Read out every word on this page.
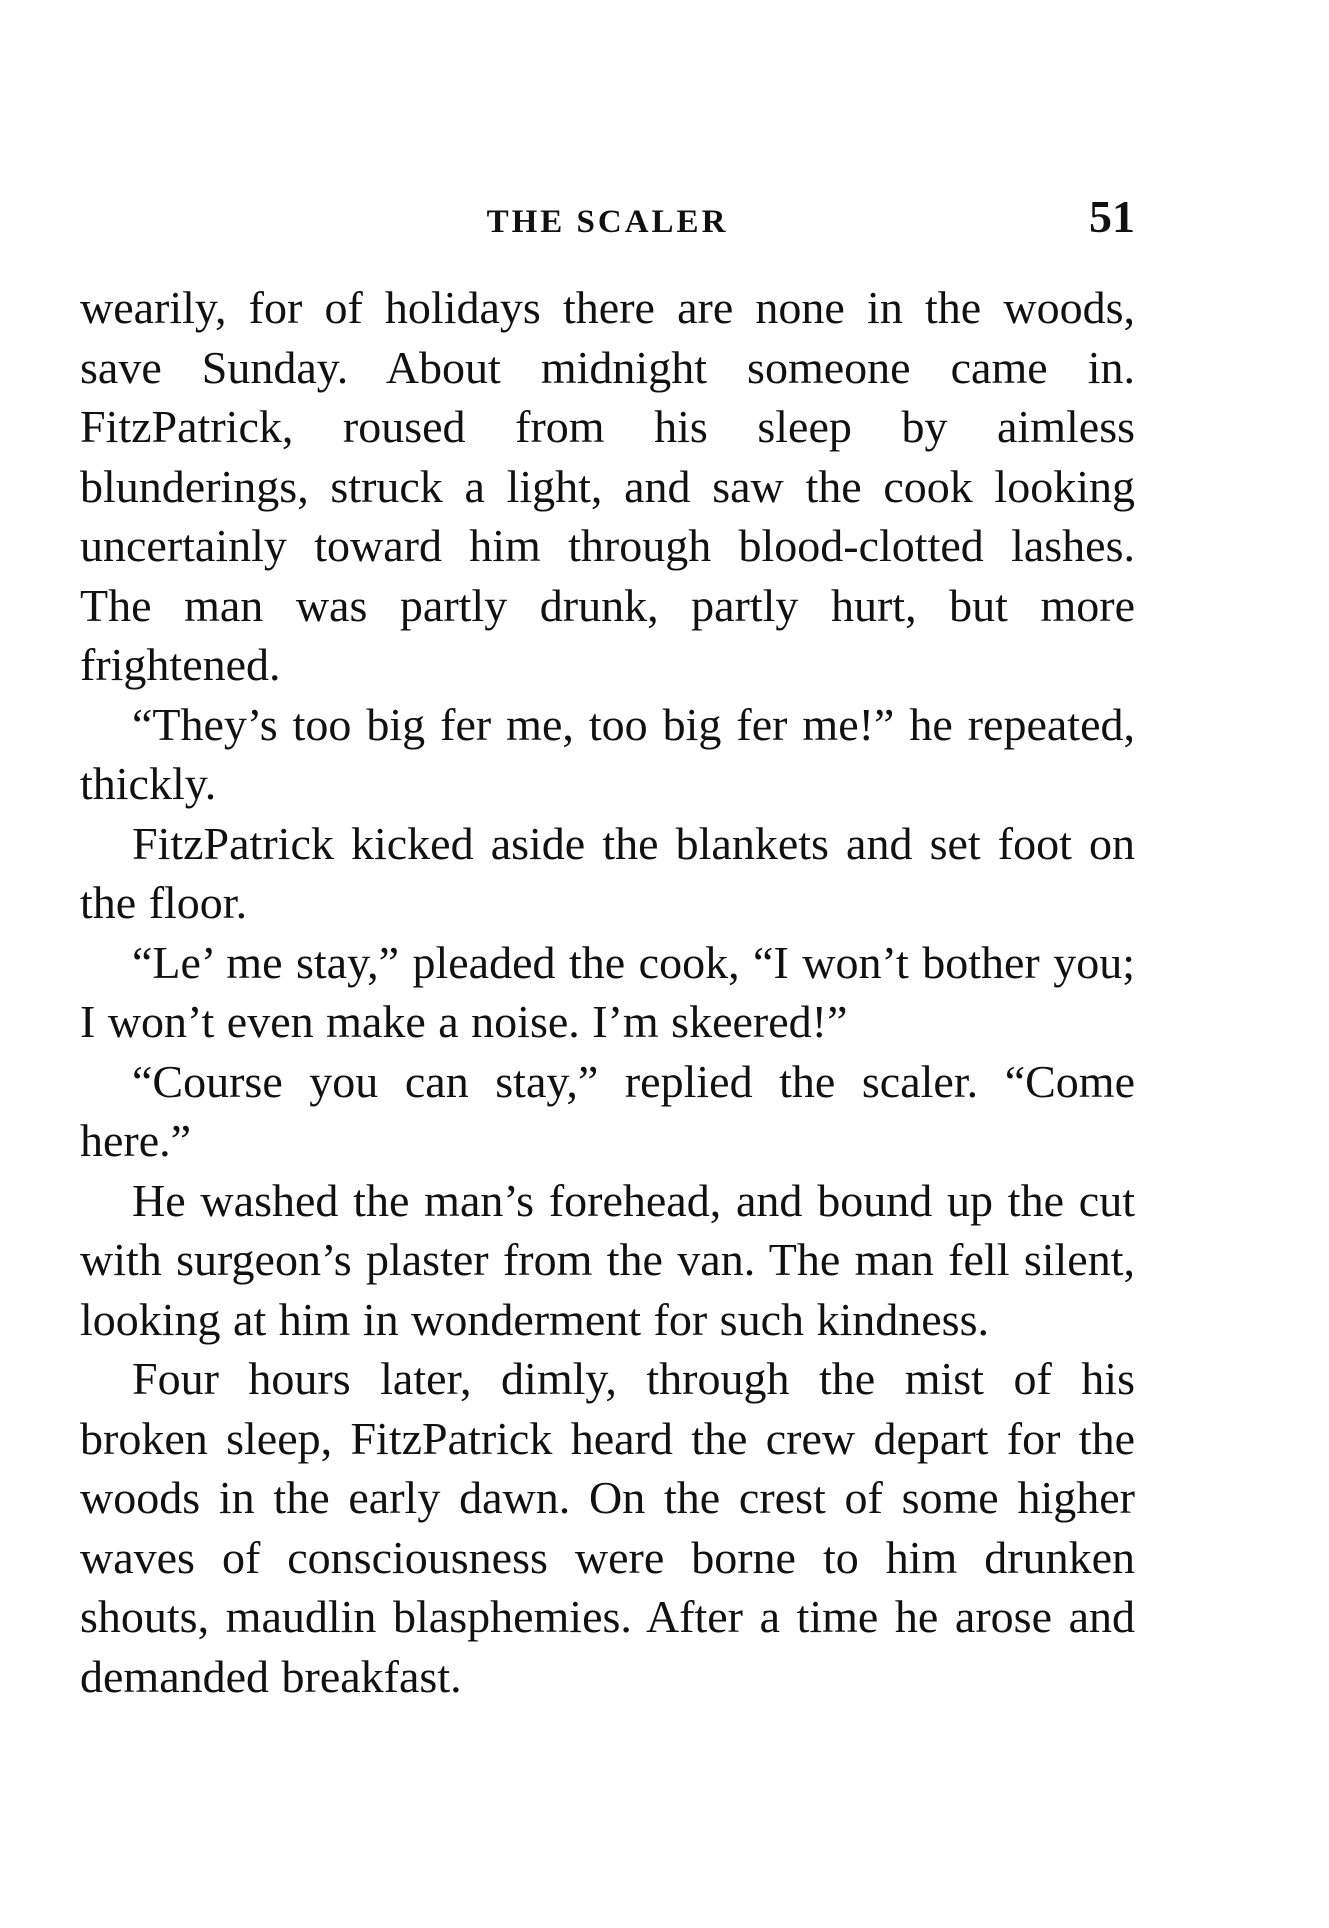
THE SCALER	51

wearily, for of holidays there are none in the woods, save Sunday. About midnight someone came in. FitzPatrick, roused from his sleep by aimless blunderings, struck a light, and saw the cook looking uncertainly toward him through blood-clotted lashes. The man was partly drunk, partly hurt, but more frightened.

“They’s too big fer me, too big fer me!” he repeated, thickly.

FitzPatrick kicked aside the blankets and set foot on the floor.

“Le’ me stay,” pleaded the cook, “I won’t bother you; I won’t even make a noise. I’m skeered!”

“Course you can stay,” replied the scaler. “Come here.”

He washed the man’s forehead, and bound up the cut with surgeon’s plaster from the van. The man fell silent, looking at him in wonderment for such kindness.

Four hours later, dimly, through the mist of his broken sleep, FitzPatrick heard the crew depart for the woods in the early dawn. On the crest of some higher waves of consciousness were borne to him drunken shouts, maudlin blasphemies. After a time he arose and demanded breakfast.
